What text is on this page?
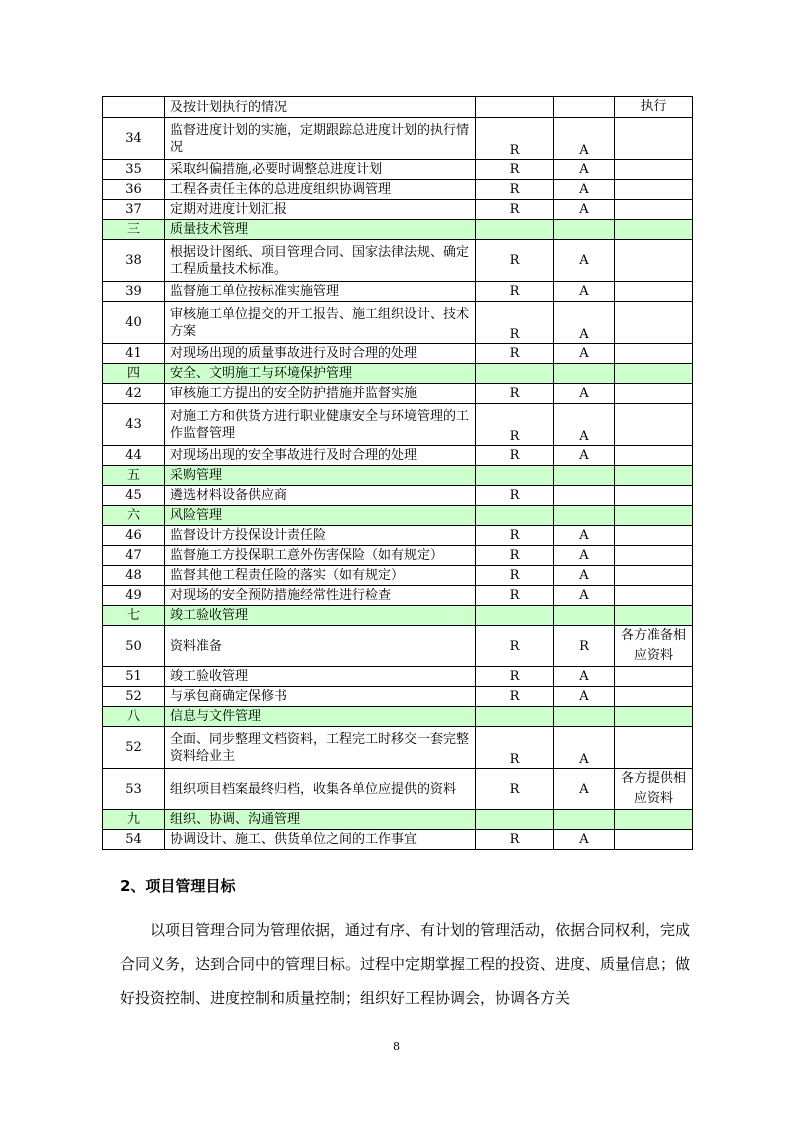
	及按计划执行的情况			执行
34	监督进度计划的实施，定期跟踪总进度计划的执行情况	R	A	
35	采取纠偏措施,必要时调整总进度计划	R	A	
36	工程各责任主体的总进度组织协调管理	R	A	
37	定期对进度计划汇报	R	A	
三	质量技术管理			
38	根据设计图纸、项目管理合同、国家法律法规、确定工程质量技术标准。	R	A	
39	监督施工单位按标准实施管理	R	A	
40	审核施工单位提交的开工报告、施工组织设计、技术方案	R	A	
41	对现场出现的质量事故进行及时合理的处理	R	A	
四	安全、文明施工与环境保护管理			
42	审核施工方提出的安全防护措施并监督实施	R	A	
43	对施工方和供货方进行职业健康安全与环境管理的工作监督管理	R	A	
44	对现场出现的安全事故进行及时合理的处理	R	A	
五	采购管理			
45	遴选材料设备供应商	R		
六	风险管理			
46	监督设计方投保设计责任险	R	A	
47	监督施工方投保职工意外伤害保险（如有规定）	R	A	
48	监督其他工程责任险的落实（如有规定）	R	A	
49	对现场的安全预防措施经常性进行检查	R	A	
七	竣工验收管理			
50	资料准备	R	R	各方准备相应资料
51	竣工验收管理	R	A	
52	与承包商确定保修书	R	A	
八	信息与文件管理			
52	全面、同步整理文档资料，工程完工时移交一套完整资料给业主	R	A	
53	组织项目档案最终归档，收集各单位应提供的资料	R	A	各方提供相应资料
九	组织、协调、沟通管理			
54	协调设计、施工、供货单位之间的工作事宜	R	A	
2、项目管理目标

以项目管理合同为管理依据，通过有序、有计划的管理活动，依据合同权利，完成合同义务，达到合同中的管理目标。过程中定期掌握工程的投资、进度、质量信息；做好投资控制、进度控制和质量控制；组织好工程协调会，协调各方关

8
